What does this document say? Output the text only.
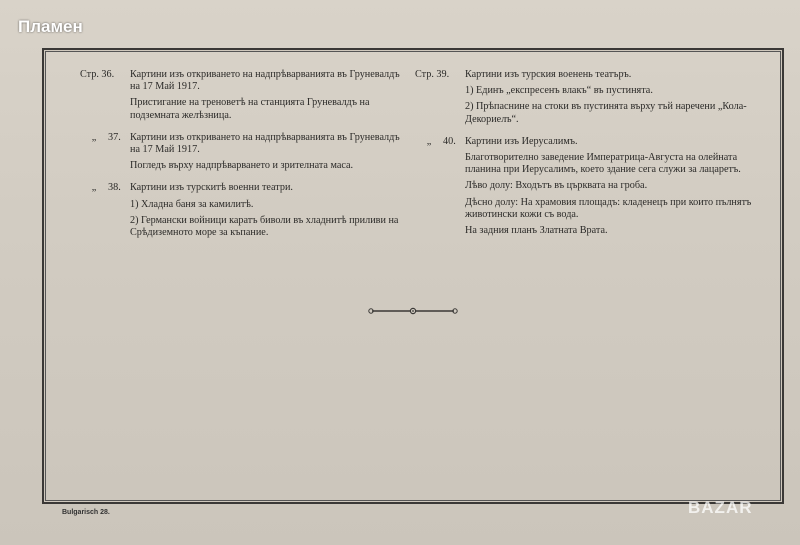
Пламен
Стр. 36.	Картини изъ откриването на надпрѣварванията въ Груневалдъ на 17 Май 1917.

Пристигание на треноветѣ на станцията Груневалдъ на подземната желѣзница.

„ 37. Картини изъ откриването на надпрѣварванията въ Груневалдъ на 17 Май 1917.

Погледъ върху надпрѣварването и зрителната маса.

„ 38. Картини изъ турскитѣ военни театри.

1) Хладна баня за камилитѣ.

2) Германски войници каратъ биволи въ хладнитѣ приливи на Срѣдиземното море за къпание.

Стр. 39.	Картини изъ турския военень театъръ.

1) Единъ „експресенъ влакъ“ въ пустинята.

2) Прѣпаснине на стоки въ пустинята върху тъй наречени „Кола-Декориелъ“.

„ 40. Картини изъ Иерусалимъ.

Благотворително заведение Императрица-Августа на олейната планина при Иерусалимъ, което здание сега служи за лацаретъ.

Лѣво долу: Входътъ въ църквата на гроба.

Дѣсно долу: На храмовия площадъ: кладенецъ при които пълнятъ животински кожи съ вода.

На задния планъ Златната Врата.

Bulgarisch 28.	BAZAR
